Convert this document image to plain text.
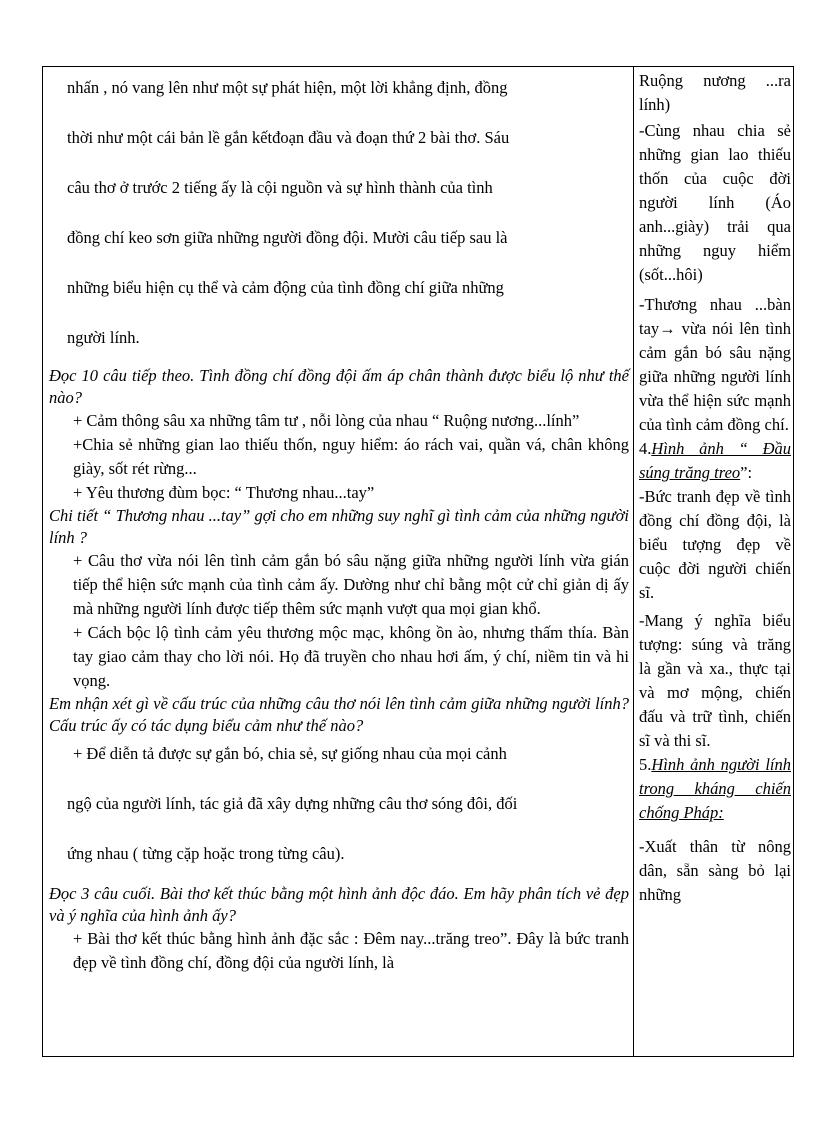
nhấn , nó vang lên như một sự phát hiện, một lời khẳng định, đồng

thời như một cái bản lề gắn kếtđoạn đầu và đoạn thứ 2 bài thơ. Sáu

câu thơ ở trước 2 tiếng ấy là cội nguồn và sự hình thành của tình

đồng chí keo sơn giữa những người đồng đội. Mười câu tiếp sau là

những biểu hiện cụ thể và cảm động của tình đồng chí giữa những

người lính.

Đọc 10 câu tiếp theo. Tình đồng chí đồng đội ấm áp chân thành được biểu lộ như thế nào?

+ Cảm thông sâu xa những tâm tư , nỗi lòng của nhau “ Ruộng nương...lính”

+Chia sẻ những gian lao thiếu thốn, nguy hiểm: áo rách vai, quần vá, chân không giày, sốt rét rừng...

+ Yêu thương đùm bọc: “ Thương nhau...tay”

Chi tiết “ Thương nhau ...tay” gợi cho em những suy nghĩ gì tình cảm của những người lính ?

+ Câu thơ vừa nói lên tình cảm gắn bó sâu nặng giữa những người lính vừa gián tiếp thể hiện sức mạnh của tình cảm ấy. Dường như chỉ bằng một cử chỉ giản dị ấy mà những người lính được tiếp thêm sức mạnh vượt qua mọi gian khổ.

+ Cách bộc lộ tình cảm yêu thương mộc mạc, không ồn ào, nhưng thấm thía. Bàn tay giao cảm thay cho lời nói. Họ đã truyền cho nhau hơi ấm, ý chí, niềm tin và hi vọng.

Em nhận xét gì về cấu trúc của những câu thơ nói lên tình cảm giữa những người lính? Cấu trúc ấy có tác dụng biểu cảm như thế nào?

+ Để diễn tả được sự gắn bó, chia sẻ, sự giống nhau của mọi cảnh

ngộ của người lính, tác giả đã xây dựng những câu thơ sóng đôi, đối

ứng nhau ( từng cặp hoặc trong từng câu).

Đọc 3 câu cuối. Bài thơ kết thúc bằng một hình ảnh độc đáo. Em hãy phân tích vẻ đẹp và ý nghĩa của hình ảnh ấy?

+ Bài thơ kết thúc bằng hình ảnh đặc sắc : Đêm nay...trăng treo”. Đây là bức tranh đẹp về tình đồng chí, đồng đội của người lính, là

Ruộng nương ...ra lính)

-Cùng nhau chia sẻ những gian lao thiếu thốn của cuộc đời người lính (Áo anh...giày) trải qua những nguy hiểm (sốt...hôi)

-Thương nhau ...bàn tay→ vừa nói lên tình cảm gắn bó sâu nặng giữa những người lính vừa thể hiện sức mạnh của tình cảm đồng chí.

4.Hình ảnh “ Đầu súng trăng treo”:

-Bức tranh đẹp về tình đồng chí đồng đội, là biểu tượng đẹp về cuộc đời người chiến sĩ.

-Mang ý nghĩa biểu tượng: súng và trăng là gần và xa., thực tại và mơ mộng, chiến đấu và trữ tình, chiến sĩ và thi sĩ.

5.Hình ảnh người lính trong kháng chiến chống Pháp:

-Xuất thân từ nông dân, sẵn sàng bỏ lại những
